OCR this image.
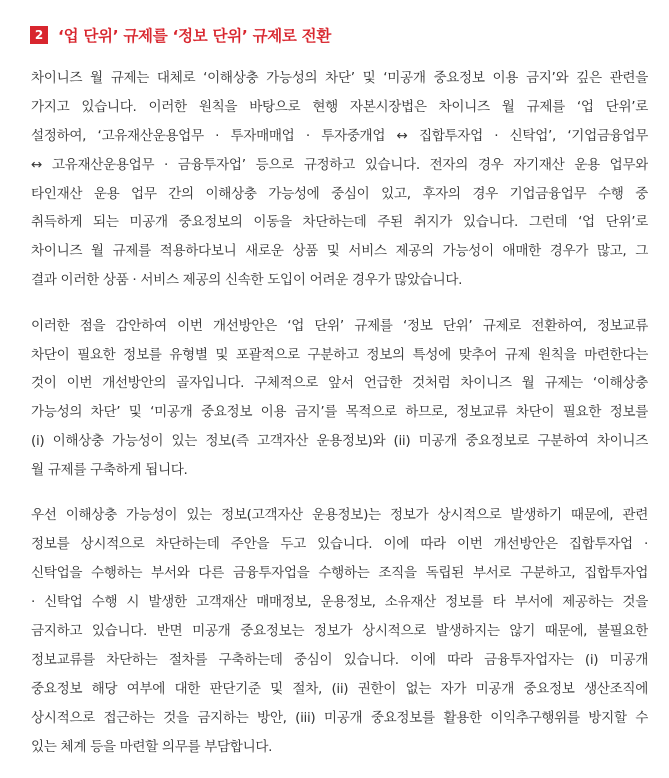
2 ‘업 단위’ 규제를 ‘정보 단위’ 규제로 전환
차이니즈 월 규제는 대체로 ‘이해상충 가능성의 차단’ 및 ‘미공개 중요정보 이용 금지’와 깊은 관련을
가지고 있습니다. 이러한 원칙을 바탕으로 현행 자본시장법은 차이니즈 월 규제를 ‘업 단위’로
설정하여, ‘고유재산운용업무 · 투자매매업 · 투자중개업 ↔ 집합투자업 · 신탁업’, ‘기업금융업무
↔ 고유재산운용업무 · 금융투자업’ 등으로 규정하고 있습니다. 전자의 경우 자기재산 운용 업무와
타인재산 운용 업무 간의 이해상충 가능성에 중심이 있고, 후자의 경우 기업금융업무 수행 중
취득하게 되는 미공개 중요정보의 이동을 차단하는데 주된 취지가 있습니다. 그런데 ‘업 단위’로
차이니즈 월 규제를 적용하다보니 새로운 상품 및 서비스 제공의 가능성이 애매한 경우가 많고, 그
결과 이러한 상품 · 서비스 제공의 신속한 도입이 어려운 경우가 많았습니다.
이러한 점을 감안하여 이번 개선방안은 ‘업 단위’ 규제를 ‘정보 단위’ 규제로 전환하여, 정보교류
차단이 필요한 정보를 유형별 및 포괄적으로 구분하고 정보의 특성에 맞추어 규제 원칙을 마련한다는
것이 이번 개선방안의 골자입니다. 구체적으로 앞서 언급한 것처럼 차이니즈 월 규제는 ‘이해상충
가능성의 차단’ 및 ‘미공개 중요정보 이용 금지’를 목적으로 하므로, 정보교류 차단이 필요한 정보를
(i) 이해상충 가능성이 있는 정보(즉 고객자산 운용정보)와 (ii) 미공개 중요정보로 구분하여 차이니즈
월 규제를 구축하게 됩니다.
우선 이해상충 가능성이 있는 정보(고객자산 운용정보)는 정보가 상시적으로 발생하기 때문에, 관련
정보를 상시적으로 차단하는데 주안을 두고 있습니다. 이에 따라 이번 개선방안은 집합투자업 ·
신탁업을 수행하는 부서와 다른 금융투자업을 수행하는 조직을 독립된 부서로 구분하고, 집합투자업
· 신탁업 수행 시 발생한 고객재산 매매정보, 운용정보, 소유재산 정보를 타 부서에 제공하는 것을
금지하고 있습니다. 반면 미공개 중요정보는 정보가 상시적으로 발생하지는 않기 때문에, 불필요한
정보교류를 차단하는 절차를 구축하는데 중심이 있습니다. 이에 따라 금융투자업자는 (i) 미공개
중요정보 해당 여부에 대한 판단기준 및 절차, (ii) 권한이 없는 자가 미공개 중요정보 생산조직에
상시적으로 접근하는 것을 금지하는 방안, (iii) 미공개 중요정보를 활용한 이익추구행위를 방지할 수
있는 체계 등을 마련할 의무를 부담합니다.
